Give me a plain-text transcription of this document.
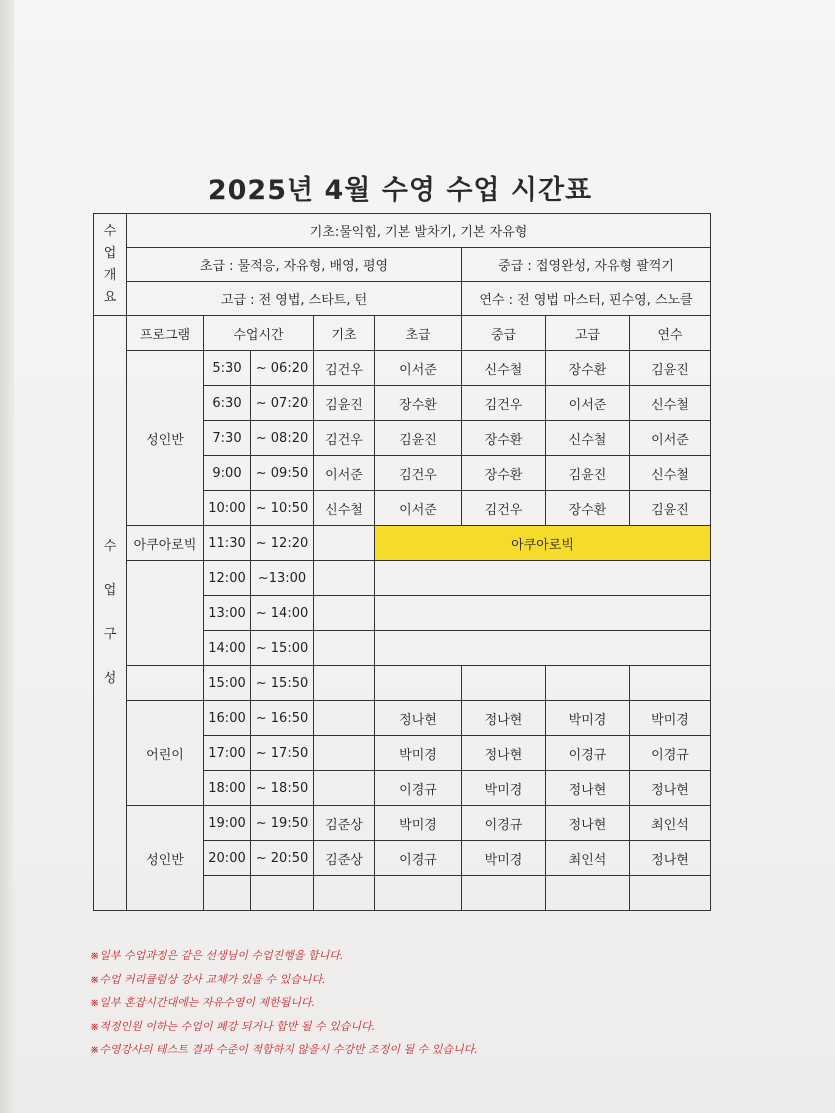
2025년 4월 수영 수업 시간표
수
업
개
요	기초:물익힘, 기본 발차기, 기본 자유형							
	초급 : 물적응, 자유형, 배영, 평영					중급 : 접영완성, 자유형 팔꺽기		
	고급 : 전 영법, 스타트, 턴					연수 : 전 영법 마스터, 핀수영, 스노클		

수

업

구

성	프로그램	수업시간		기초	초급	중급	고급	연수
	성인반	5:30	~ 06:20	김건우	이서준	신수철	장수환	김윤진
		6:30	~ 07:20	김윤진	장수환	김건우	이서준	신수철
		7:30	~ 08:20	김건우	김윤진	장수환	신수철	이서준
		9:00	~ 09:50	이서준	김건우	장수환	김윤진	신수철
		10:00	~ 10:50	신수철	이서준	김건우	장수환	김윤진
	아쿠아로빅	11:30	~ 12:20		아쿠아로빅			
		12:00	~13:00					
		13:00	~ 14:00					
		14:00	~ 15:00					
		15:00	~ 15:50					
	어린이	16:00	~ 16:50		정나현	정나현	박미경	박미경
		17:00	~ 17:50		박미경	정나현	이경규	이경규
		18:00	~ 18:50		이경규	박미경	정나현	정나현
	성인반	19:00	~ 19:50	김준상	박미경	이경규	정나현	최인석
		20:00	~ 20:50	김준상	이경규	박미경	최인석	정나현

※일부 수업과정은 같은 선생님이 수업진행을 합니다.
※수업 커리큘럼상 강사 교체가 있을 수 있습니다.
※일부 혼잡시간대에는 자유수영이 제한됩니다.
※적정인원 이하는 수업이 폐강 되거나 합반 될 수 있습니다.
※수영강사의 테스트 결과 수준이 적합하지 않을시 수강반 조정이 될 수 있습니다.
